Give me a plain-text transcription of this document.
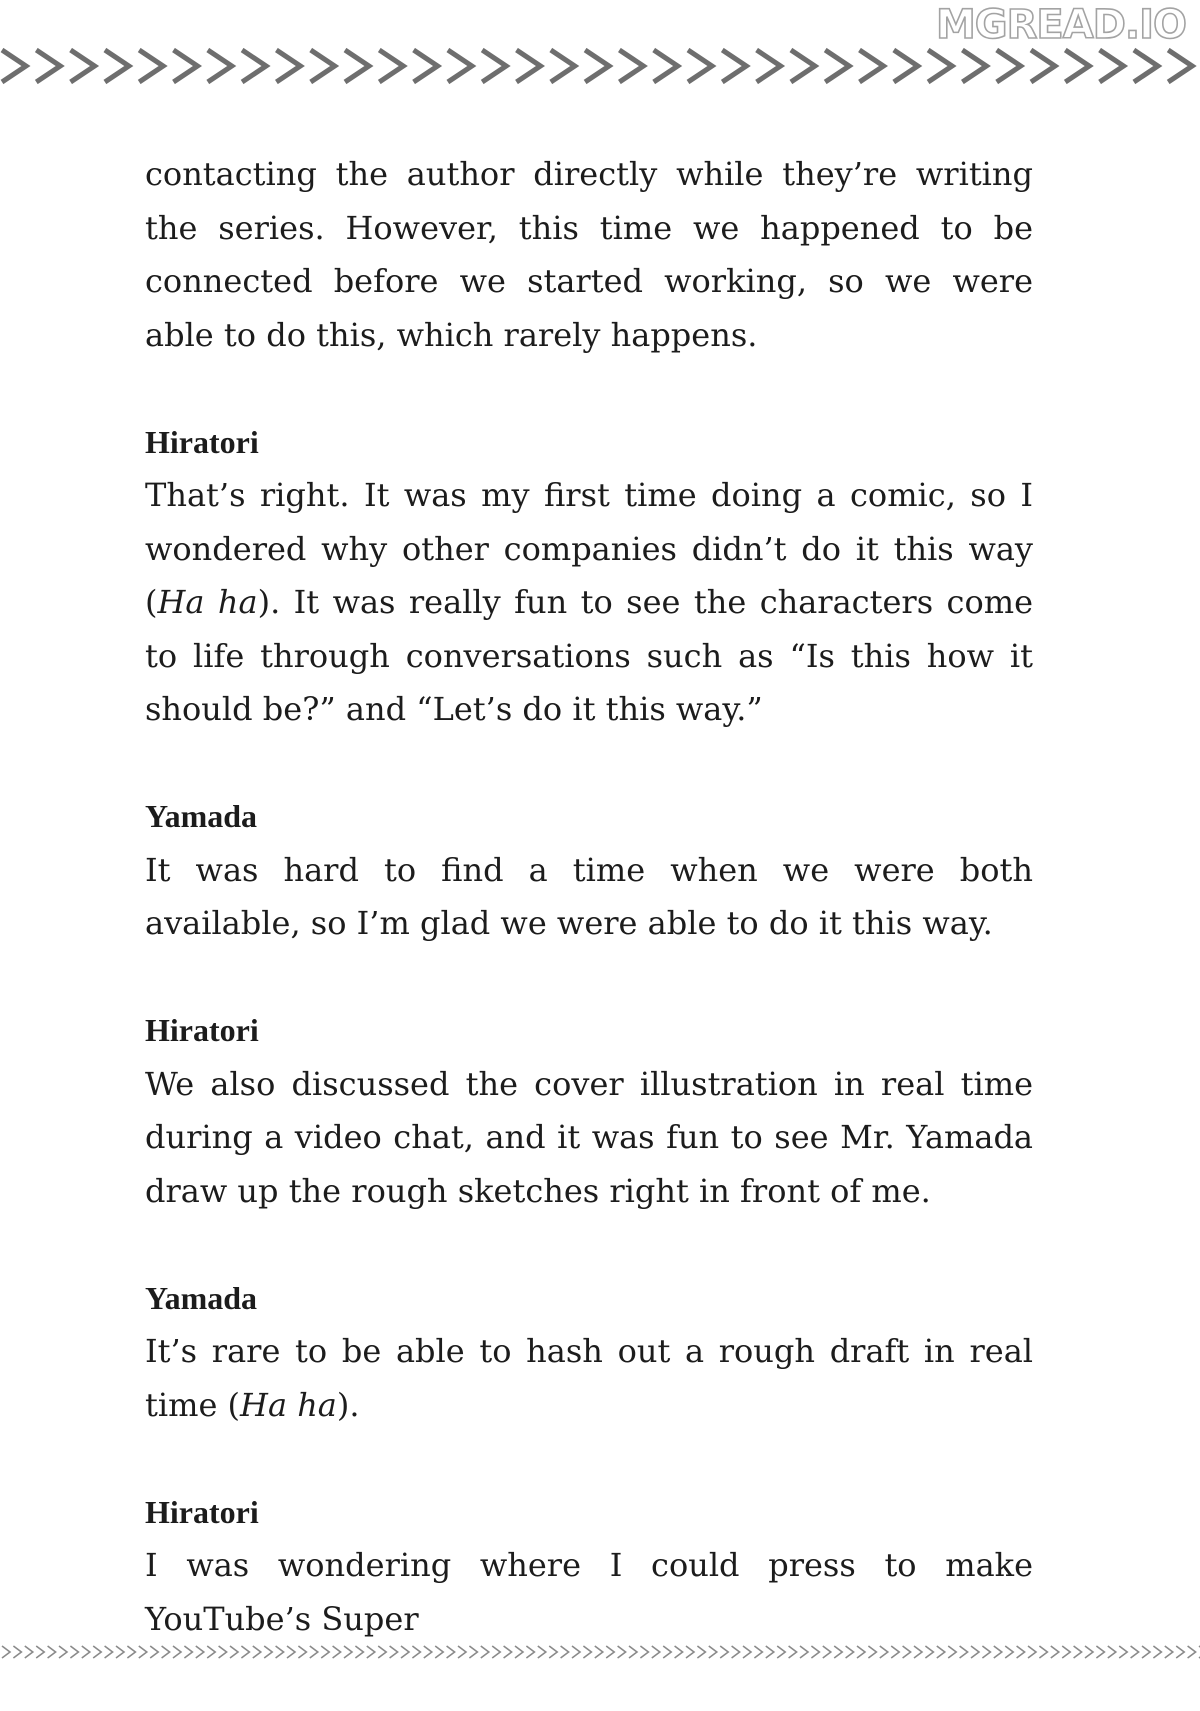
MGREAD.IO

contacting the author directly while they’re writing the series. However, this time we happened to be connected before we started working, so we were able to do this, which rarely happens.

Hiratori

That’s right. It was my first time doing a comic, so I wondered why other companies didn’t do it this way (Ha ha). It was really fun to see the characters come to life through conversations such as “Is this how it should be?” and “Let’s do it this way.”

Yamada

It was hard to find a time when we were both available, so I’m glad we were able to do it this way.

Hiratori

We also discussed the cover illustration in real time during a video chat, and it was fun to see Mr. Yamada draw up the rough sketches right in front of me.

Yamada

It’s rare to be able to hash out a rough draft in real time (Ha ha).

Hiratori

I was wondering where I could press to make YouTube’s Super
